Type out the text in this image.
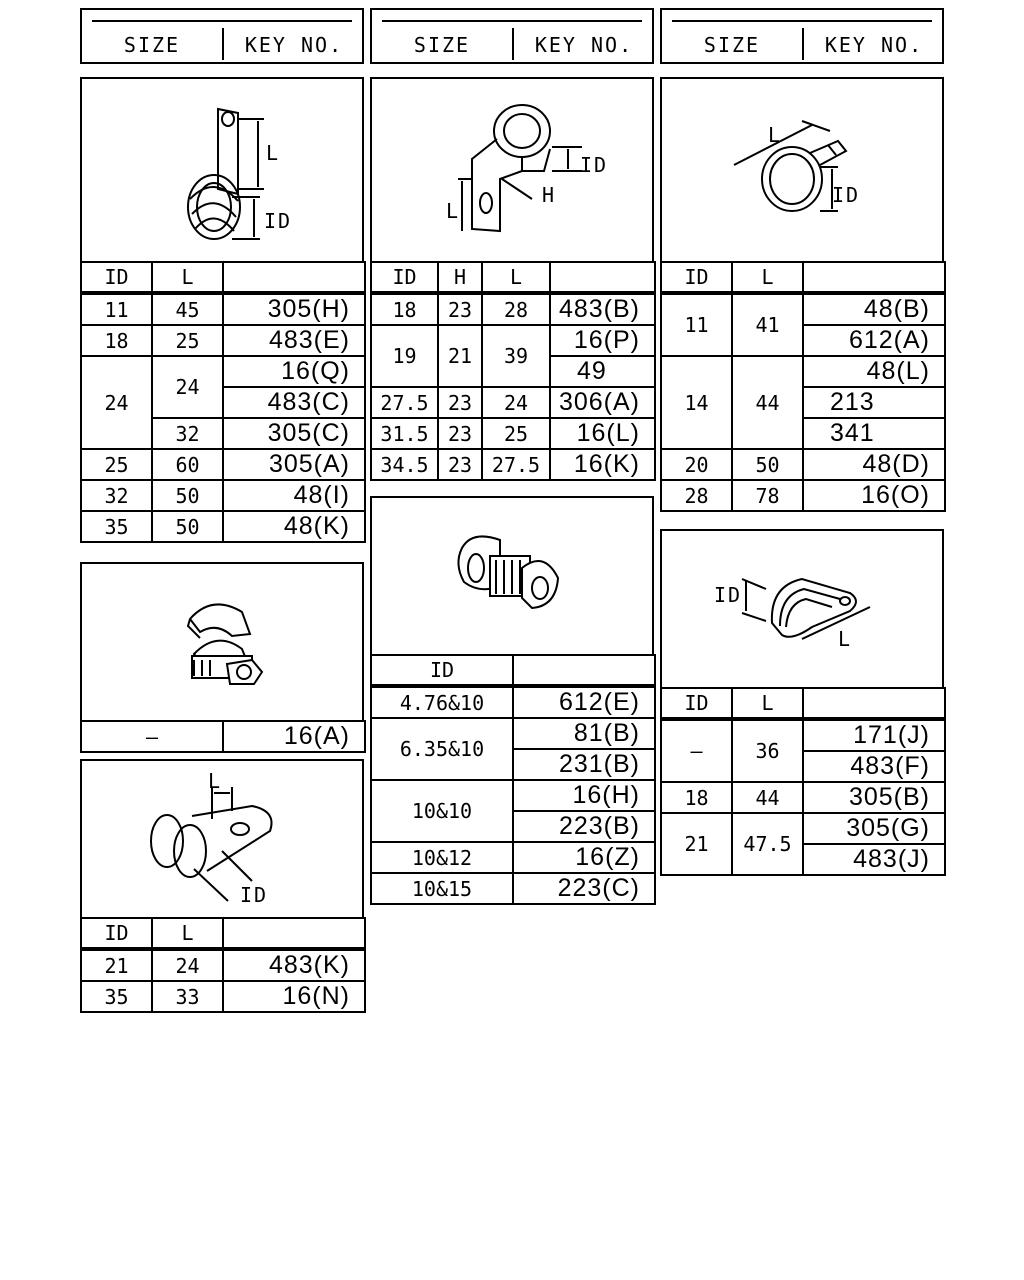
SIZE	KEY NO.	SIZE	KEY NO.	SIZE	KEY NO.
L
ID
ID	L	
11	45	305(H)
18	25	483(E)
24	24	16(Q)
		483(C)
	32	305(C)
25	60	305(A)
32	50	48(I)
35	50	48(K)
—	16(A)
L
ID
ID	L	
21	24	483(K)
35	33	16(N)
ID
H
L
ID	H	L	
18	23	28	483(B)
19	21	39	16(P)
			49
27.5	23	24	306(A)
31.5	23	25	16(L)
34.5	23	27.5	16(K)
ID	
4.76&10	612(E)
6.35&10	81(B)
	231(B)
10&10	16(H)
	223(B)
10&12	16(Z)
10&15	223(C)
L
ID
ID	L	
11	41	48(B)
		612(A)
14	44	48(L)
		213
		341
20	50	48(D)
28	78	16(O)
ID
L
ID	L	
—	36	171(J)
		483(F)
18	44	305(B)
21	47.5	305(G)
		483(J)
